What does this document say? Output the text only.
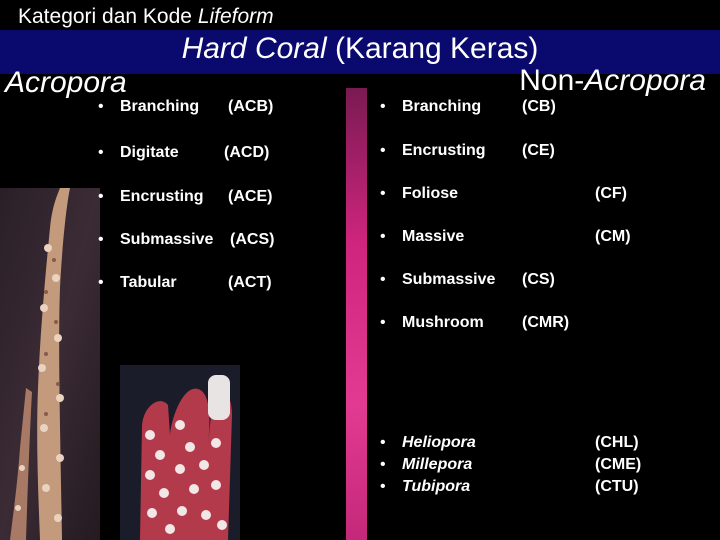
Kategori dan Kode Lifeform
Hard Coral (Karang Keras)
Acropora	Non-Acropora
• Branching (ACB)
• Digitate	(ACD)
• Encrusting (ACE)
• Submassive (ACS)
• Tabular	(ACT)
• Branching	(CB)
• Encrusting (CE)
• Foliose	(CF)
• Massive	(CM)
• Submassive (CS)
• Mushroom (CMR)
• Heliopora	(CHL)
• Millepora	(CME)
• Tubipora	(CTU)
